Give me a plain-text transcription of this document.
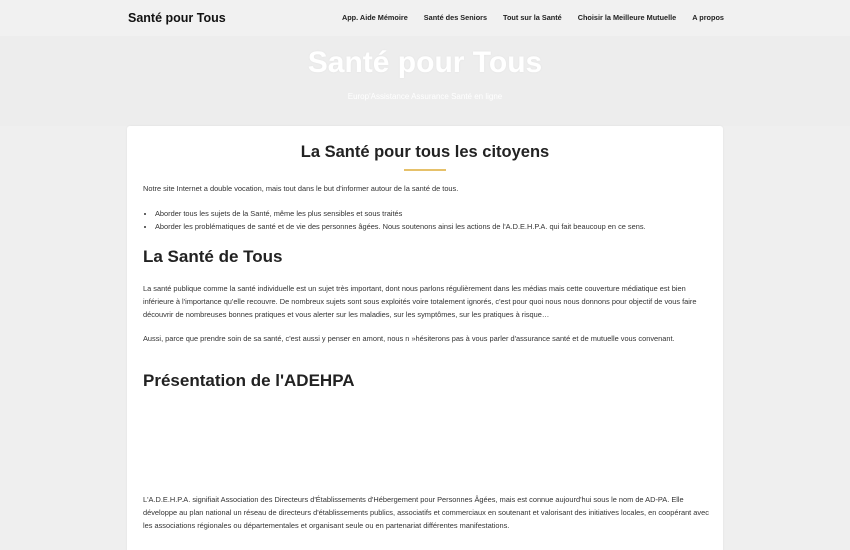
Santé pour Tous	App. Aide Mémoire Santé des Seniors Tout sur la Santé Choisir la Meilleure Mutuelle A propos
Santé pour Tous
Europ'Assistance Assurance Santé en ligne
La Santé pour tous les citoyens

Notre site Internet a double vocation, mais tout dans le but d'informer autour de la santé de tous.

• Aborder tous les sujets de la Santé, même les plus sensibles et sous traités
• Aborder les problématiques de santé et de vie des personnes âgées. Nous soutenons ainsi les actions de l'A.D.E.H.P.A. qui fait beaucoup en ce sens.
La Santé de Tous

La santé publique comme la santé individuelle est un sujet très important, dont nous parlons régulièrement dans les médias mais cette couverture médiatique est bien inférieure à l'importance qu'elle recouvre. De nombreux sujets sont sous exploités voire totalement ignorés, c'est pour quoi nous nous donnons pour objectif de vous faire découvrir de nombreuses bonnes pratiques et vous alerter sur les maladies, sur les symptômes, sur les pratiques à risque…

Aussi, parce que prendre soin de sa santé, c'est aussi y penser en amont, nous n »hésiterons pas à vous parler d'assurance santé et de mutuelle vous convenant.

Présentation de l'ADEHPA

L'A.D.E.H.P.A. signifiait Association des Directeurs d'Établissements d'Hébergement pour Personnes Âgées, mais est connue aujourd'hui sous le nom de AD-PA. Elle développe au plan national un réseau de directeurs d'établissements publics, associatifs et commerciaux en soutenant et valorisant des initiatives locales, en coopérant avec les associations régionales ou départementales et organisant seule ou en partenariat différentes manifestations.
